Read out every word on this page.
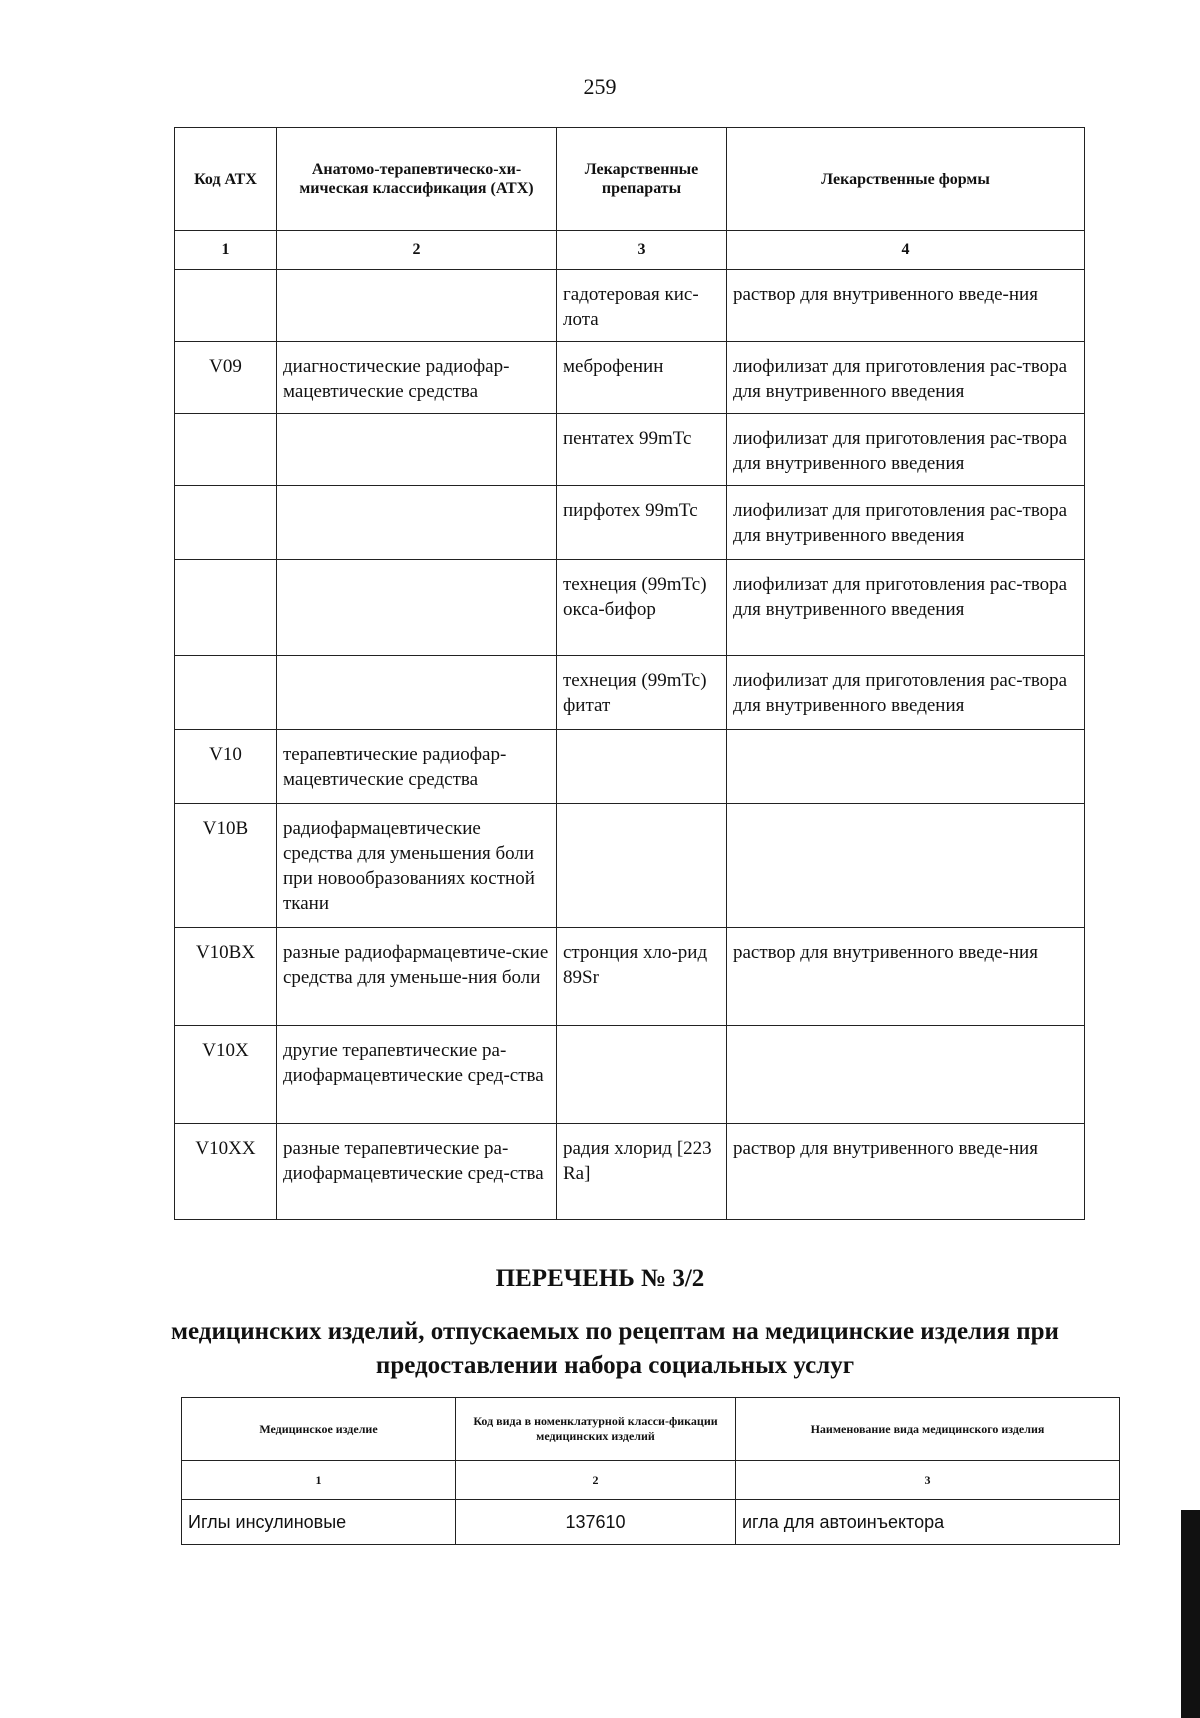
259
Код АТХ	Анатомо-терапевтическо-хи-мическая классификация (АТХ)	Лекарственные препараты	Лекарственные формы
1	2	3	4
		гадотеровая кис-лота	раствор для внутривенного введе-ния
V09	диагностические радиофар-мацевтические средства	меброфенин	лиофилизат для приготовления рас-твора для внутривенного введения
		пентатех 99mTc	лиофилизат для приготовления рас-твора для внутривенного введения
		пирфотех 99mTc	лиофилизат для приготовления рас-твора для внутривенного введения
		технеция (99mTc) окса-бифор	лиофилизат для приготовления рас-твора для внутривенного введения
		технеция (99mTc) фитат	лиофилизат для приготовления рас-твора для внутривенного введения
V10	терапевтические радиофар-мацевтические средства		
V10B	радиофармацевтические средства для уменьшения боли при новообразованиях костной ткани		
V10BX	разные радиофармацевтиче-ские средства для уменьше-ния боли	стронция хло-рид 89Sr	раствор для внутривенного введе-ния
V10X	другие терапевтические ра-диофармацевтические сред-ства		
V10XX	разные терапевтические ра-диофармацевтические сред-ства	радия хлорид [223 Ra]	раствор для внутривенного введе-ния
ПЕРЕЧЕНЬ № 3/2
медицинских изделий, отпускаемых по рецептам на медицинские изделия при предоставлении набора социальных услуг
Медицинское изделие	Код вида в номенклатурной класси-фикации медицинских изделий	Наименование вида медицинского изделия
1	2	3
Иглы инсулиновые	137610	игла для автоинъектора
